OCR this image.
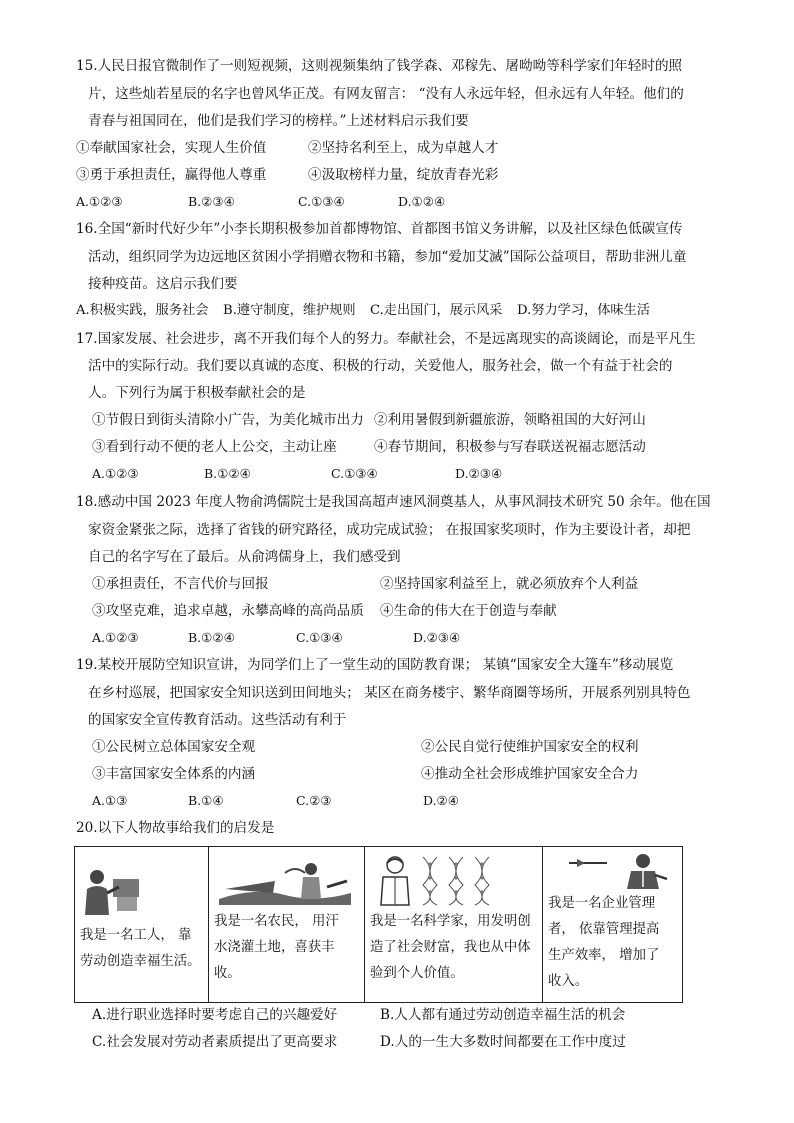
15.人民日报官微制作了一则短视频，这则视频集纳了钱学森、邓稼先、屠呦呦等科学家们年轻时的照
片，这些灿若星辰的名字也曾风华正茂。有网友留言： “没有人永远年轻，但永远有人年轻。他们的
青春与祖国同在，他们是我们学习的榜样。”上述材料启示我们要
①奉献国家社会，实现人生价值	②坚持名利至上，成为卓越人才
③勇于承担责任，赢得他人尊重	④汲取榜样力量，绽放青春光彩
A.①②③	B.②③④	C.①③④	D.①②④
16.全国“新时代好少年”小李长期积极参加首都博物馆、首都图书馆义务讲解，以及社区绿色低碳宣传
活动，组织同学为边远地区贫困小学捐赠衣物和书籍，参加“爱加艾滅”国际公益项目，帮助非洲儿童
接种疫苗。这启示我们要
A.积极实践，服务社会 B.遵守制度，维护规则 C.走出国门，展示风采 D.努力学习，体味生活
17.国家发展、社会进步，离不开我们每个人的努力。奉献社会，不是远离现实的高谈阔论，而是平凡生
活中的实际行动。我们要以真诚的态度、积极的行动，关爱他人，服务社会，做一个有益于社会的
人。下列行为属于积极奉献社会的是
①节假日到街头清除小广告，为美化城市出力 ②利用暑假到新疆旅游，领略祖国的大好河山
③看到行动不便的老人上公交，主动让座	④春节期间，积极参与写春联送祝福志愿活动
A.①②③	B.①②④	C.①③④	D.②③④
18.感动中国 2023 年度人物俞鸿儒院士是我国高超声速风洞奠基人，从事风洞技术研究 50 余年。他在国
家资金紧张之际，选择了省钱的研究路径，成功完成试验； 在报国家奖项时，作为主要设计者，却把
自己的名字写在了最后。从俞鸿儒身上，我们感受到
①承担责任，不言代价与回报	②坚持国家利益至上，就必须放弃个人利益
③攻坚克难，追求卓越，永攀高峰的高尚品质 ④生命的伟大在于创造与奉献
A.①②③	B.①②④	C.①③④	D.②③④
19.某校开展防空知识宣讲，为同学们上了一堂生动的国防教育课； 某镇“国家安全大篷车”移动展览
在乡村巡展，把国家安全知识送到田间地头； 某区在商务楼宇、繁华商圈等场所，开展系列别具特色
的国家安全宣传教育活动。这些活动有利于
①公民树立总体国家安全观	②公民自觉行使维护国家安全的权利
③丰富国家安全体系的内涵	④推动全社会形成维护国家安全合力
A.①③	B.①④	C.②③	D.②④
20.以下人物故事给我们的启发是
我是一名工人， 靠
劳动创造幸福生活。

我是一名农民， 用汗
水浇灌土地，喜获丰
收。

我是一名科学家，用发明创
造了社会财富，我也从中体
验到个人价值。

我是一名企业管理
者， 依靠管理提高
生产效率， 增加了
收入。
A.进行职业选择时要考虑自己的兴趣爱好	B.人人都有通过劳动创造幸福生活的机会
C.社会发展对劳动者素质提出了更高要求	D.人的一生大多数时间都要在工作中度过
